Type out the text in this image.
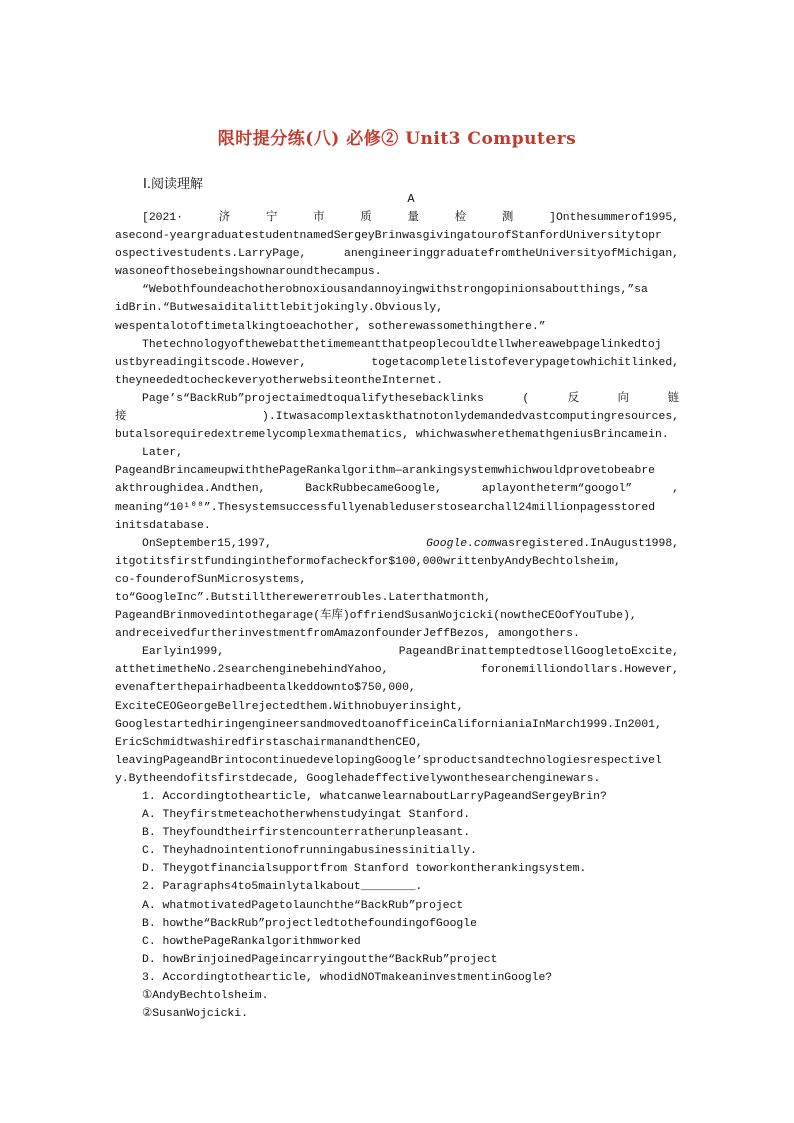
限时提分练(八) 必修② Unit3 Computers
Ⅰ.阅读理解
A
[2021·	济	宁	市	质	量	检	测	]Onthesummerof1995,
asecond-yeargraduatestudentnamedSergeyBrinwasgivingatourofStanfordUniversitytopr
ospectivestudents.LarryPage,	anengineeringgraduatefromtheUniversityofMichigan,
wasoneofthosebeingshownaroundthecampus.
“Webothfoundeachotherobnoxiousandannoyingwithstrongopinionsaboutthings,”sa
idBrin.“Butwesaiditalittlebitjokingly.Obviously,
wespentalotoftimetalkingtoeachother, sotherewassomethingthere.”
Thetechnologyofthewebatthetimemeantthatpeoplecouldtellwhereawebpagelinkedtoj
ustbyreadingitscode.However,	togetacompletelistofeverypagetowhichitlinked,
theyneededtocheckeveryotherwebsiteontheInternet.
Page’s“BackRub”projectaimedtoqualifythesebacklinks	(	反	向	链
接	).Itwasacomplextaskthatnotonlydemandedvastcomputingresources,
butalsorequiredextremelycomplexmathematics, whichwaswherethemathgeniusBrincamein.
Later,
PageandBrincameupwiththePageRankalgorithm—arankingsystemwhichwouldprovetobeabre
akthroughidea.Andthen,	BackRubbecameGoogle,	aplayontheterm“googol”	,
meaning“10¹⁰⁰”.Thesystemsuccessfullyenableduserstosearchall24millionpagesstored
initsdatabase.
OnSeptember15,1997,	Google.comwasregistered.InAugust1998,
itgotitsfirstfundingintheformofacheckfor$100,000writtenbyAndyBechtolsheim,
co-founderofSunMicrosystems,
to“GoogleInc”.Butstilltherewerетroubles.Laterthatmonth,
PageandBrinmovedintothegarage(车库)offriendSusanWojcicki(nowtheCEOofYouTube),
andreceivedfurtherinvestmentfromAmazonfounderJeffBezos, amongothers.
Earlyin1999,	PageandBrinattemptedtosellGoogletoExcite,
atthetimetheNo.2searchenginebehindYahoo,	foronemilliondollars.However,
evenafterthepairhadbeentalkeddownto$750,000,
ExciteCEOGeorgeBellrejectedthem.Withnobuyerinsight,
GooglestartedhiringengineersandmovedtoanofficeinCalifornianiaInMarch1999.In2001,
EricSchmidtwashiredfirstaschairmanandthenCEO,
leavingPageandBrintocontinuedevelopingGoogle’sproductsandtechnologiesrespectivel
y.Bytheendofitsfirstdecade, Googlehadeffectivelywonthesearchenginewars.
1. Accordingtothearticle, whatcanwelearnaboutLarryPageandSergeyBrin?
A. Theyfirstmeteachotherwhenstudyingat Stanford.
B. Theyfoundtheirfirstencounterratherunpleasant.
C. Theyhadnointentionofrunningabusinessinitially.
D. Theygotfinancialsupportfrom Stanford toworkontherankingsystem.
2. Paragraphs4to5mainlytalkabout________.
A. whatmotivatedPagetolaunchthe“BackRub”project
B. howthe“BackRub”projectledtothefoundingofGoogle
C. howthePageRankalgorithmworked
D. howBrinjoinedPageincarryingoutthe“BackRub”project
3. Accordingtothearticle, whodidNOTmakeaninvestmentinGoogle?
①AndyBechtolsheim.
②SusanWojcicki.
